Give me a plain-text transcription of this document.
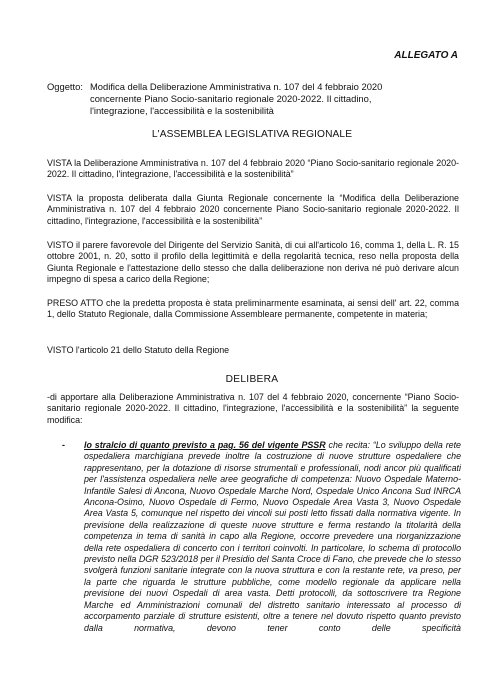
ALLEGATO A
Oggetto: Modifica della Deliberazione Amministrativa n. 107 del 4 febbraio 2020
concernente Piano Socio-sanitario regionale 2020-2022. Il cittadino,
l'integrazione, l'accessibilità e la sostenibilità
L'ASSEMBLEA LEGISLATIVA REGIONALE
VISTA la Deliberazione Amministrativa n. 107 del 4 febbraio 2020 “Piano Socio-sanitario regionale 2020-2022. Il cittadino, l'integrazione, l'accessibilità e la sostenibilità”
VISTA la proposta deliberata dalla Giunta Regionale concernente la “Modifica della Deliberazione Amministrativa n. 107 del 4 febbraio 2020 concernente Piano Socio-sanitario regionale 2020-2022. Il cittadino, l'integrazione, l'accessibilità e la sostenibilità”
VISTO il parere favorevole del Dirigente del Servizio Sanità, di cui all'articolo 16, comma 1, della L. R. 15 ottobre 2001, n. 20, sotto il profilo della legittimità e della regolarità tecnica, reso nella proposta della Giunta Regionale e l'attestazione dello stesso che dalla deliberazione non deriva né può derivare alcun impegno di spesa a carico della Regione;
PRESO ATTO che la predetta proposta è stata preliminarmente esaminata, ai sensi dell' art. 22, comma 1, dello Statuto Regionale, dalla Commissione Assembleare permanente, competente in materia;
VISTO l'articolo 21 dello Statuto della Regione
DELIBERA
-di apportare alla Deliberazione Amministrativa n. 107 del 4 febbraio 2020, concernente “Piano Socio-sanitario regionale 2020-2022. Il cittadino, l'integrazione, l'accessibilità e la sostenibilità” la seguente modifica:
- lo stralcio di quanto previsto a pag. 56 del vigente PSSR che recita: “Lo sviluppo della rete ospedaliera marchigiana prevede inoltre la costruzione di nuove strutture ospedaliere che rappresentano, per la dotazione di risorse strumentali e professionali, nodi ancor più qualificati per l'assistenza ospedaliera nelle aree geografiche di competenza: Nuovo Ospedale Materno-Infantile Salesi di Ancona, Nuovo Ospedale Marche Nord, Ospedale Unico Ancona Sud INRCA Ancona-Osimo, Nuovo Ospedale di Fermo, Nuovo Ospedale Area Vasta 3, Nuovo Ospedale Area Vasta 5, comunque nel rispetto dei vincoli sui posti letto fissati dalla normativa vigente. In previsione della realizzazione di queste nuove strutture e ferma restando la titolarità della competenza in tema di sanità in capo alla Regione, occorre prevedere una riorganizzazione della rete ospedaliera di concerto con i territori coinvolti. In particolare, lo schema di protocollo previsto nella DGR 523/2018 per il Presidio del Santa Croce di Fano, che prevede che lo stesso svolgerà funzioni sanitarie integrate con la nuova struttura e con la restante rete, va preso, per la parte che riguarda le strutture pubbliche, come modello regionale da applicare nella previsione dei nuovi Ospedali di area vasta. Detti protocolli, da sottoscrivere tra Regione Marche ed Amministrazioni comunali del distretto sanitario interessato al processo di accorpamento parziale di strutture esistenti, oltre a tenere nel dovuto rispetto quanto previsto dalla normativa, devono tener conto delle specificità
